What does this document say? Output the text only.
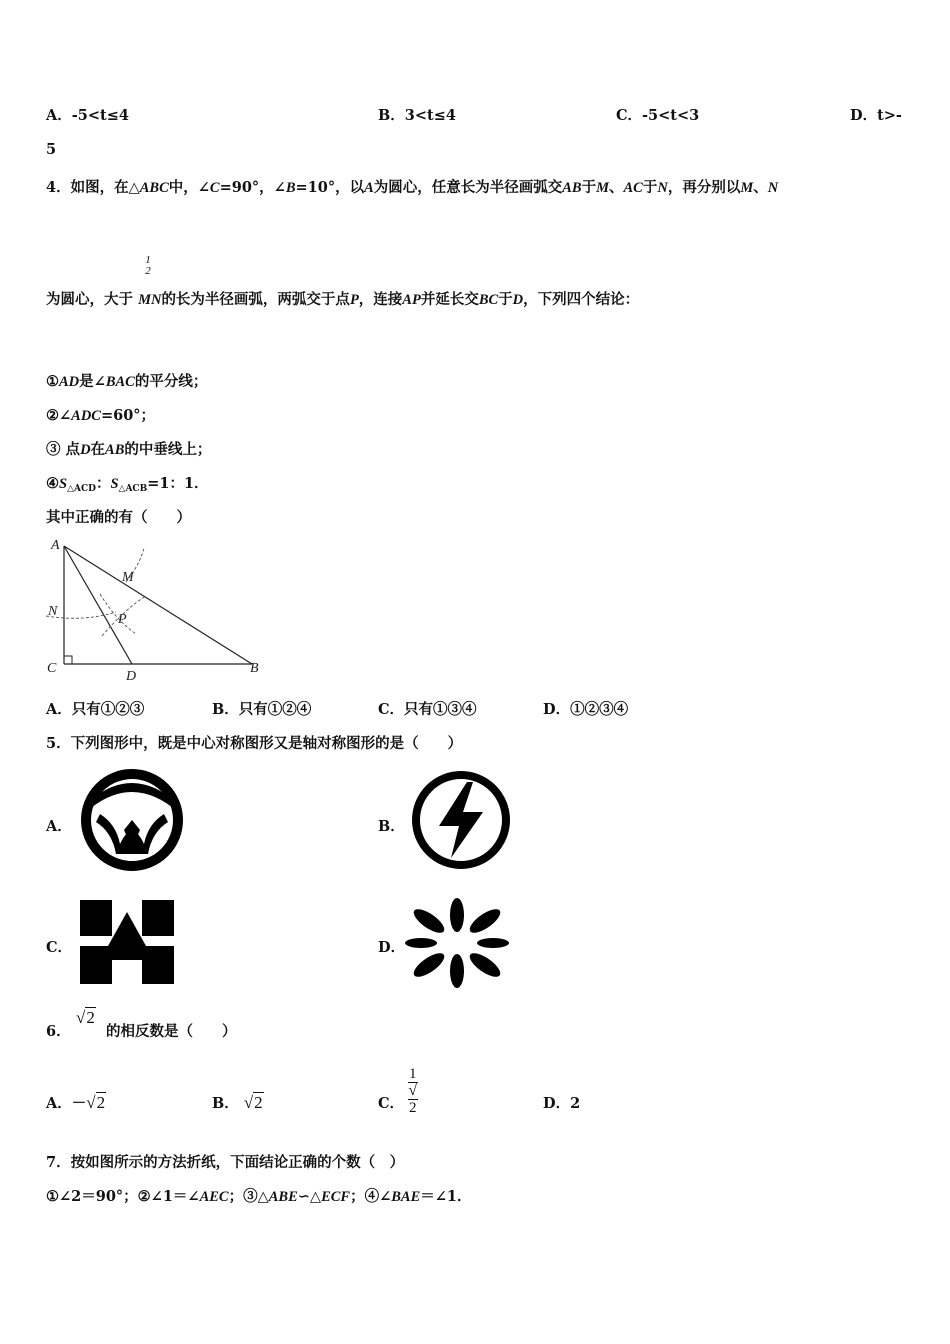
A．-5<t≤4	B．3<t≤4	C．-5<t<3	D．t>-
5
4．如图，在△ABC中，∠C=90°，∠B=10°，以A为圆心，任意长为半径画弧交AB于M、AC于N，再分别以M、N
1
2
为圆心，大于 MN的长为半径画弧，两弧交于点P，连接AP并延长交BC于D，下列四个结论：
①AD是∠BAC的平分线；
②∠ADC=60°；
③ 点D在AB的中垂线上；
$④S_{\triangle ACD}$：$S_{\triangle ACB}=1$：1．
其中正确的有（　　）
A
M
N
P
C
D
B
A．只有①②③	B．只有①②④	C．只有①③④	D．①②③④
5．下列图形中，既是中心对称图形又是轴对称图形的是（　　）
A．	B．
C．	D．
6．
√2
的相反数是（　　）
A．－√2	B． √2	C． 1
√
2	D．2
7．按如图所示的方法折纸，下面结论正确的个数（　）
①∠2＝90°；②∠1＝∠AEC；③△ABE∽△ECF；④∠BAE＝∠1．
